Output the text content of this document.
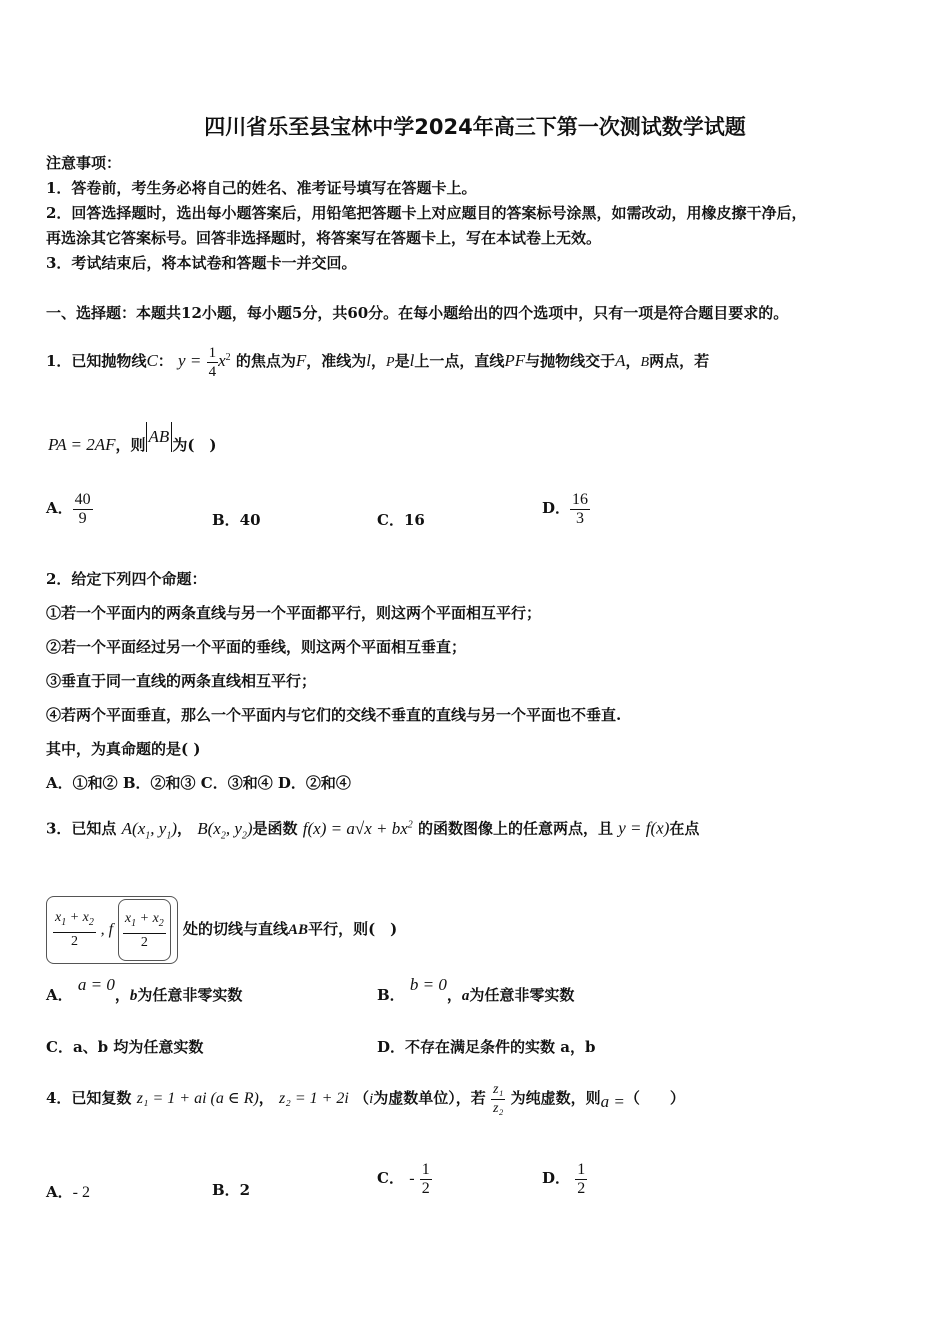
四川省乐至县宝林中学2024年高三下第一次测试数学试题
注意事项：
1．答卷前，考生务必将自己的姓名、准考证号填写在答题卡上。
2．回答选择题时，选出每小题答案后，用铅笔把答题卡上对应题目的答案标号涂黑，如需改动，用橡皮擦干净后，
再选涂其它答案标号。回答非选择题时，将答案写在答题卡上，写在本试卷上无效。
3．考试结束后，将本试卷和答题卡一并交回。
一、选择题：本题共12小题，每小题5分，共60分。在每小题给出的四个选项中，只有一项是符合题目要求的。
1．已知抛物线C： $y = \frac{1}{4} x^2$ 的焦点为F，准线为l，P是l上一点，直线PF与抛物线交于A，B两点，若
PA = 2AF，则 AB 为(　)
A． $\frac{40}{9}$	B．40	C．16
D． $\frac{16}{3}$
2．给定下列四个命题：
①若一个平面内的两条直线与另一个平面都平行，则这两个平面相互平行；
②若一个平面经过另一个平面的垂线，则这两个平面相互垂直；
③垂直于同一直线的两条直线相互平行；
④若两个平面垂直，那么一个平面内与它们的交线不垂直的直线与另一个平面也不垂直.
其中，为真命题的是( )
A．①和② B．②和③ C．③和④ D．②和④
3．已知点 $A(x_1$, $y_1$)， $B(x_2$, $y_2$)是函数 $f(x) = a√x + bx^2$ 的函数图像上的任意两点，且 y = f(x)在点
$\frac{x_1 + x_2}{2}$ , f $\frac{x_1 + x_2}{2}$ 处的切线与直线AB平行，则(　)
A． a = 0，b为任意非零实数	B． b = 0，a为任意非零实数
C．a、b 均为任意实数	D．不存在满足条件的实数 a，b
4．已知复数 z₁ = 1 + ai (a ∈ R)， z₂ = 1 + 2i （i为虚数单位），若 $\frac{\text{z₁}}{\text{z₂}}$ 为纯虚数，则a =（　　）
A．- 2	B．2
C． - $\frac{1}{2}$	D． $\frac{1}{2}$
